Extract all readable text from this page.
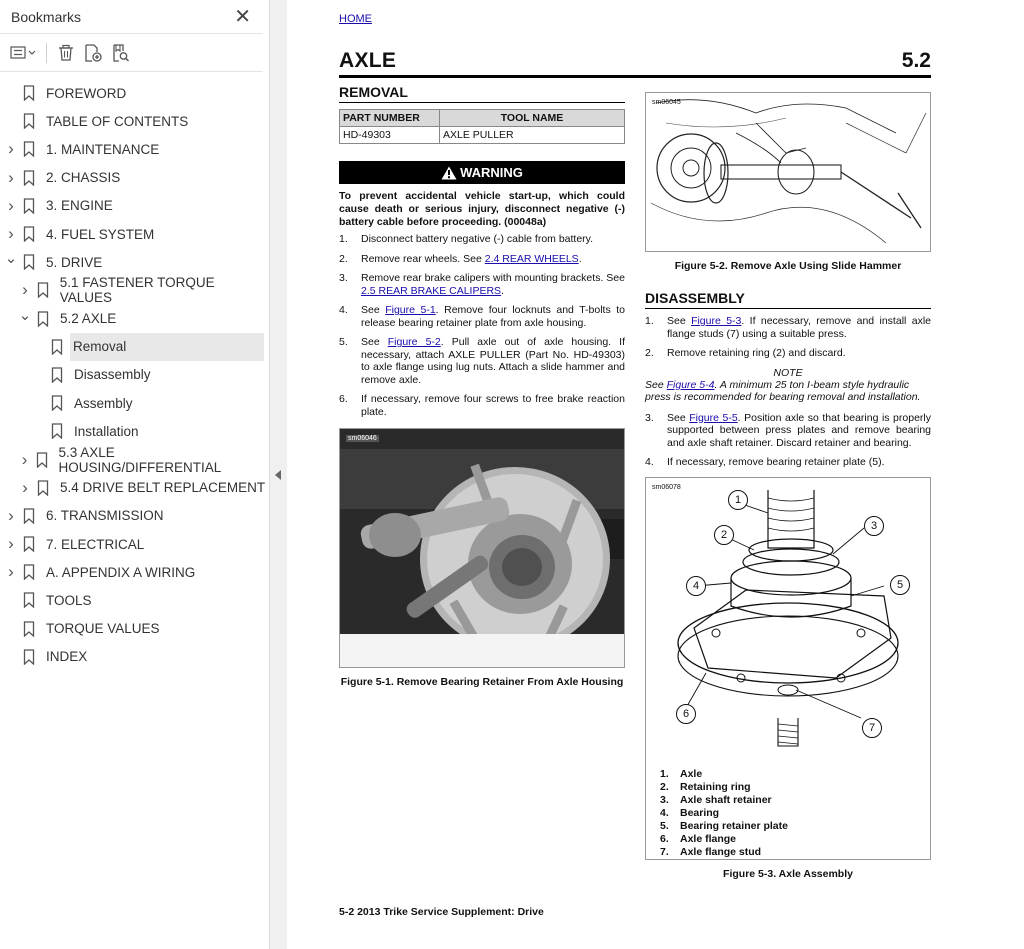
Bookmarks	✕
FOREWORD
TABLE OF CONTENTS
›	1. MAINTENANCE
›	2. CHASSIS
›	3. ENGINE
›	4. FUEL SYSTEM
⌄ 5. DRIVE
›	5.1 FASTENER TORQUE VALUES
⌄ 5.2 AXLE
Removal
Disassembly
Assembly
Installation
› 5.3 AXLE HOUSING/DIFFERENTIAL
›	5.4 DRIVE BELT REPLACEMENT
›	6. TRANSMISSION
›	7. ELECTRICAL
›	A. APPENDIX A WIRING
TOOLS
TORQUE VALUES
INDEX
HOME
AXLE	5.2
REMOVAL
PART NUMBER	TOOL NAME
HD-49303	AXLE PULLER
WARNING
To prevent accidental vehicle start-up, which could cause death or serious injury, disconnect negative (-) battery cable before proceeding. (00048a)
1.	Disconnect battery negative (-) cable from battery.
2.	Remove rear wheels. See 2.4 REAR WHEELS.
3.	Remove rear brake calipers with mounting brackets. See 2.5 REAR BRAKE CALIPERS.
4.	See Figure 5-1. Remove four locknuts and T-bolts to release bearing retainer plate from axle housing.
5.	See Figure 5-2. Pull axle out of axle housing. If necessary, attach AXLE PULLER (Part No. HD-49303) to axle flange using lug nuts. Attach a slide hammer and remove axle.
6.	If necessary, remove four screws to free brake reaction plate.
sm06046
Figure 5-1. Remove Bearing Retainer From Axle Housing
sm06045
Figure 5-2. Remove Axle Using Slide Hammer
DISASSEMBLY
1.	See Figure 5-3. If necessary, remove and install axle flange studs (7) using a suitable press.
2.	Remove retaining ring (2) and discard.
NOTE
See Figure 5-4. A minimum 25 ton I-beam style hydraulic press is recommended for bearing removal and installation.
3.	See Figure 5-5. Position axle so that bearing is properly supported between press plates and remove bearing and axle shaft retainer. Discard retainer and bearing.
4.	If necessary, remove bearing retainer plate (5).
sm06078
1
2
3
4	5
6
7
1.	Axle
2.	Retaining ring
3.	Axle shaft retainer
4.	Bearing
5.	Bearing retainer plate
6.	Axle flange
7.	Axle flange stud
Figure 5-3. Axle Assembly
5-2 2013 Trike Service Supplement: Drive
